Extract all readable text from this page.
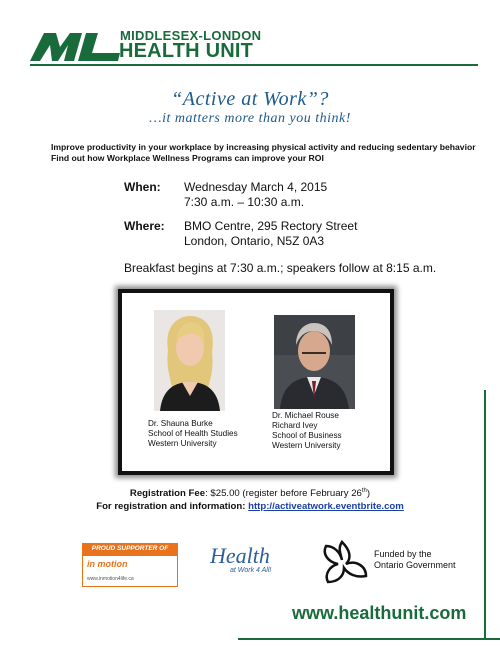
MIDDLESEX-LONDON
HEALTH UNIT
“Active at Work”?
…it matters more than you think!
Improve productivity in your workplace by increasing physical activity and reducing sedentary behavior
Find out how Workplace Wellness Programs can improve your ROI
When: Wednesday March 4, 2015
7:30 a.m. – 10:30 a.m.
Where: BMO Centre, 295 Rectory Street
London, Ontario, N5Z 0A3
Breakfast begins at 7:30 a.m.; speakers follow at 8:15 a.m.
Dr. Shauna Burke
School of Health Studies
Western University
Dr. Michael Rouse
Richard Ivey
School of Business
Western University
Registration Fee: $25.00 (register before February 26th)
For registration and information: http://activeatwork.eventbrite.com
PROUD SUPPORTER OF
in motion
www.inmotion4life.ca
Health
at Work 4 All!
Funded by the
Ontario Government
www.healthunit.com
